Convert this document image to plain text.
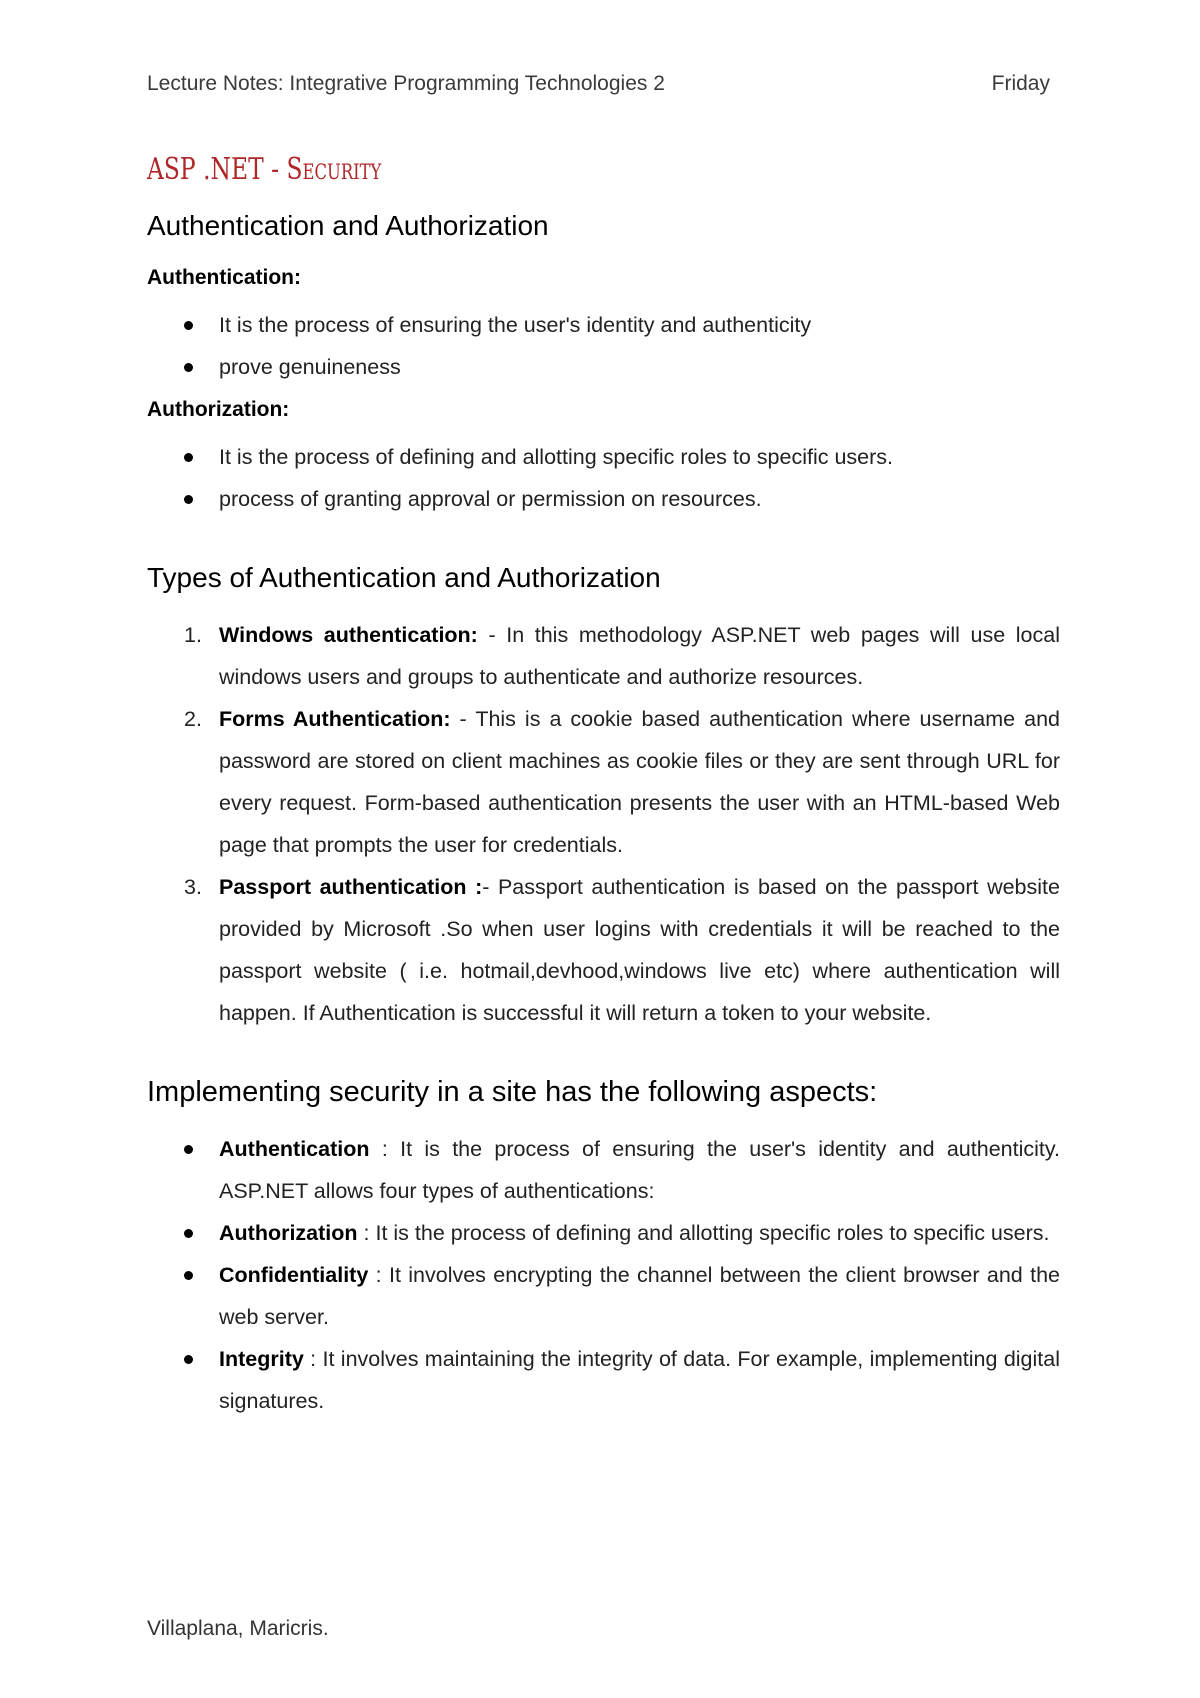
Lecture Notes: Integrative Programming Technologies 2	Friday
ASP .NET - Security
Authentication and Authorization
Authentication:
It is the process of ensuring the user's identity and authenticity
prove genuineness
Authorization:
It is the process of defining and allotting specific roles to specific users.
process of granting approval or permission on resources.
Types of Authentication and Authorization
1. Windows authentication: - In this methodology ASP.NET web pages will use local windows users and groups to authenticate and authorize resources.
2. Forms Authentication: - This is a cookie based authentication where username and password are stored on client machines as cookie files or they are sent through URL for every request. Form-based authentication presents the user with an HTML-based Web page that prompts the user for credentials.
3. Passport authentication :- Passport authentication is based on the passport website provided by Microsoft .So when user logins with credentials it will be reached to the passport website ( i.e. hotmail,devhood,windows live etc) where authentication will happen. If Authentication is successful it will return a token to your website.
Implementing security in a site has the following aspects:
Authentication : It is the process of ensuring the user's identity and authenticity. ASP.NET allows four types of authentications:
Authorization : It is the process of defining and allotting specific roles to specific users.
Confidentiality : It involves encrypting the channel between the client browser and the web server.
Integrity : It involves maintaining the integrity of data. For example, implementing digital signatures.
Villaplana, Maricris.
